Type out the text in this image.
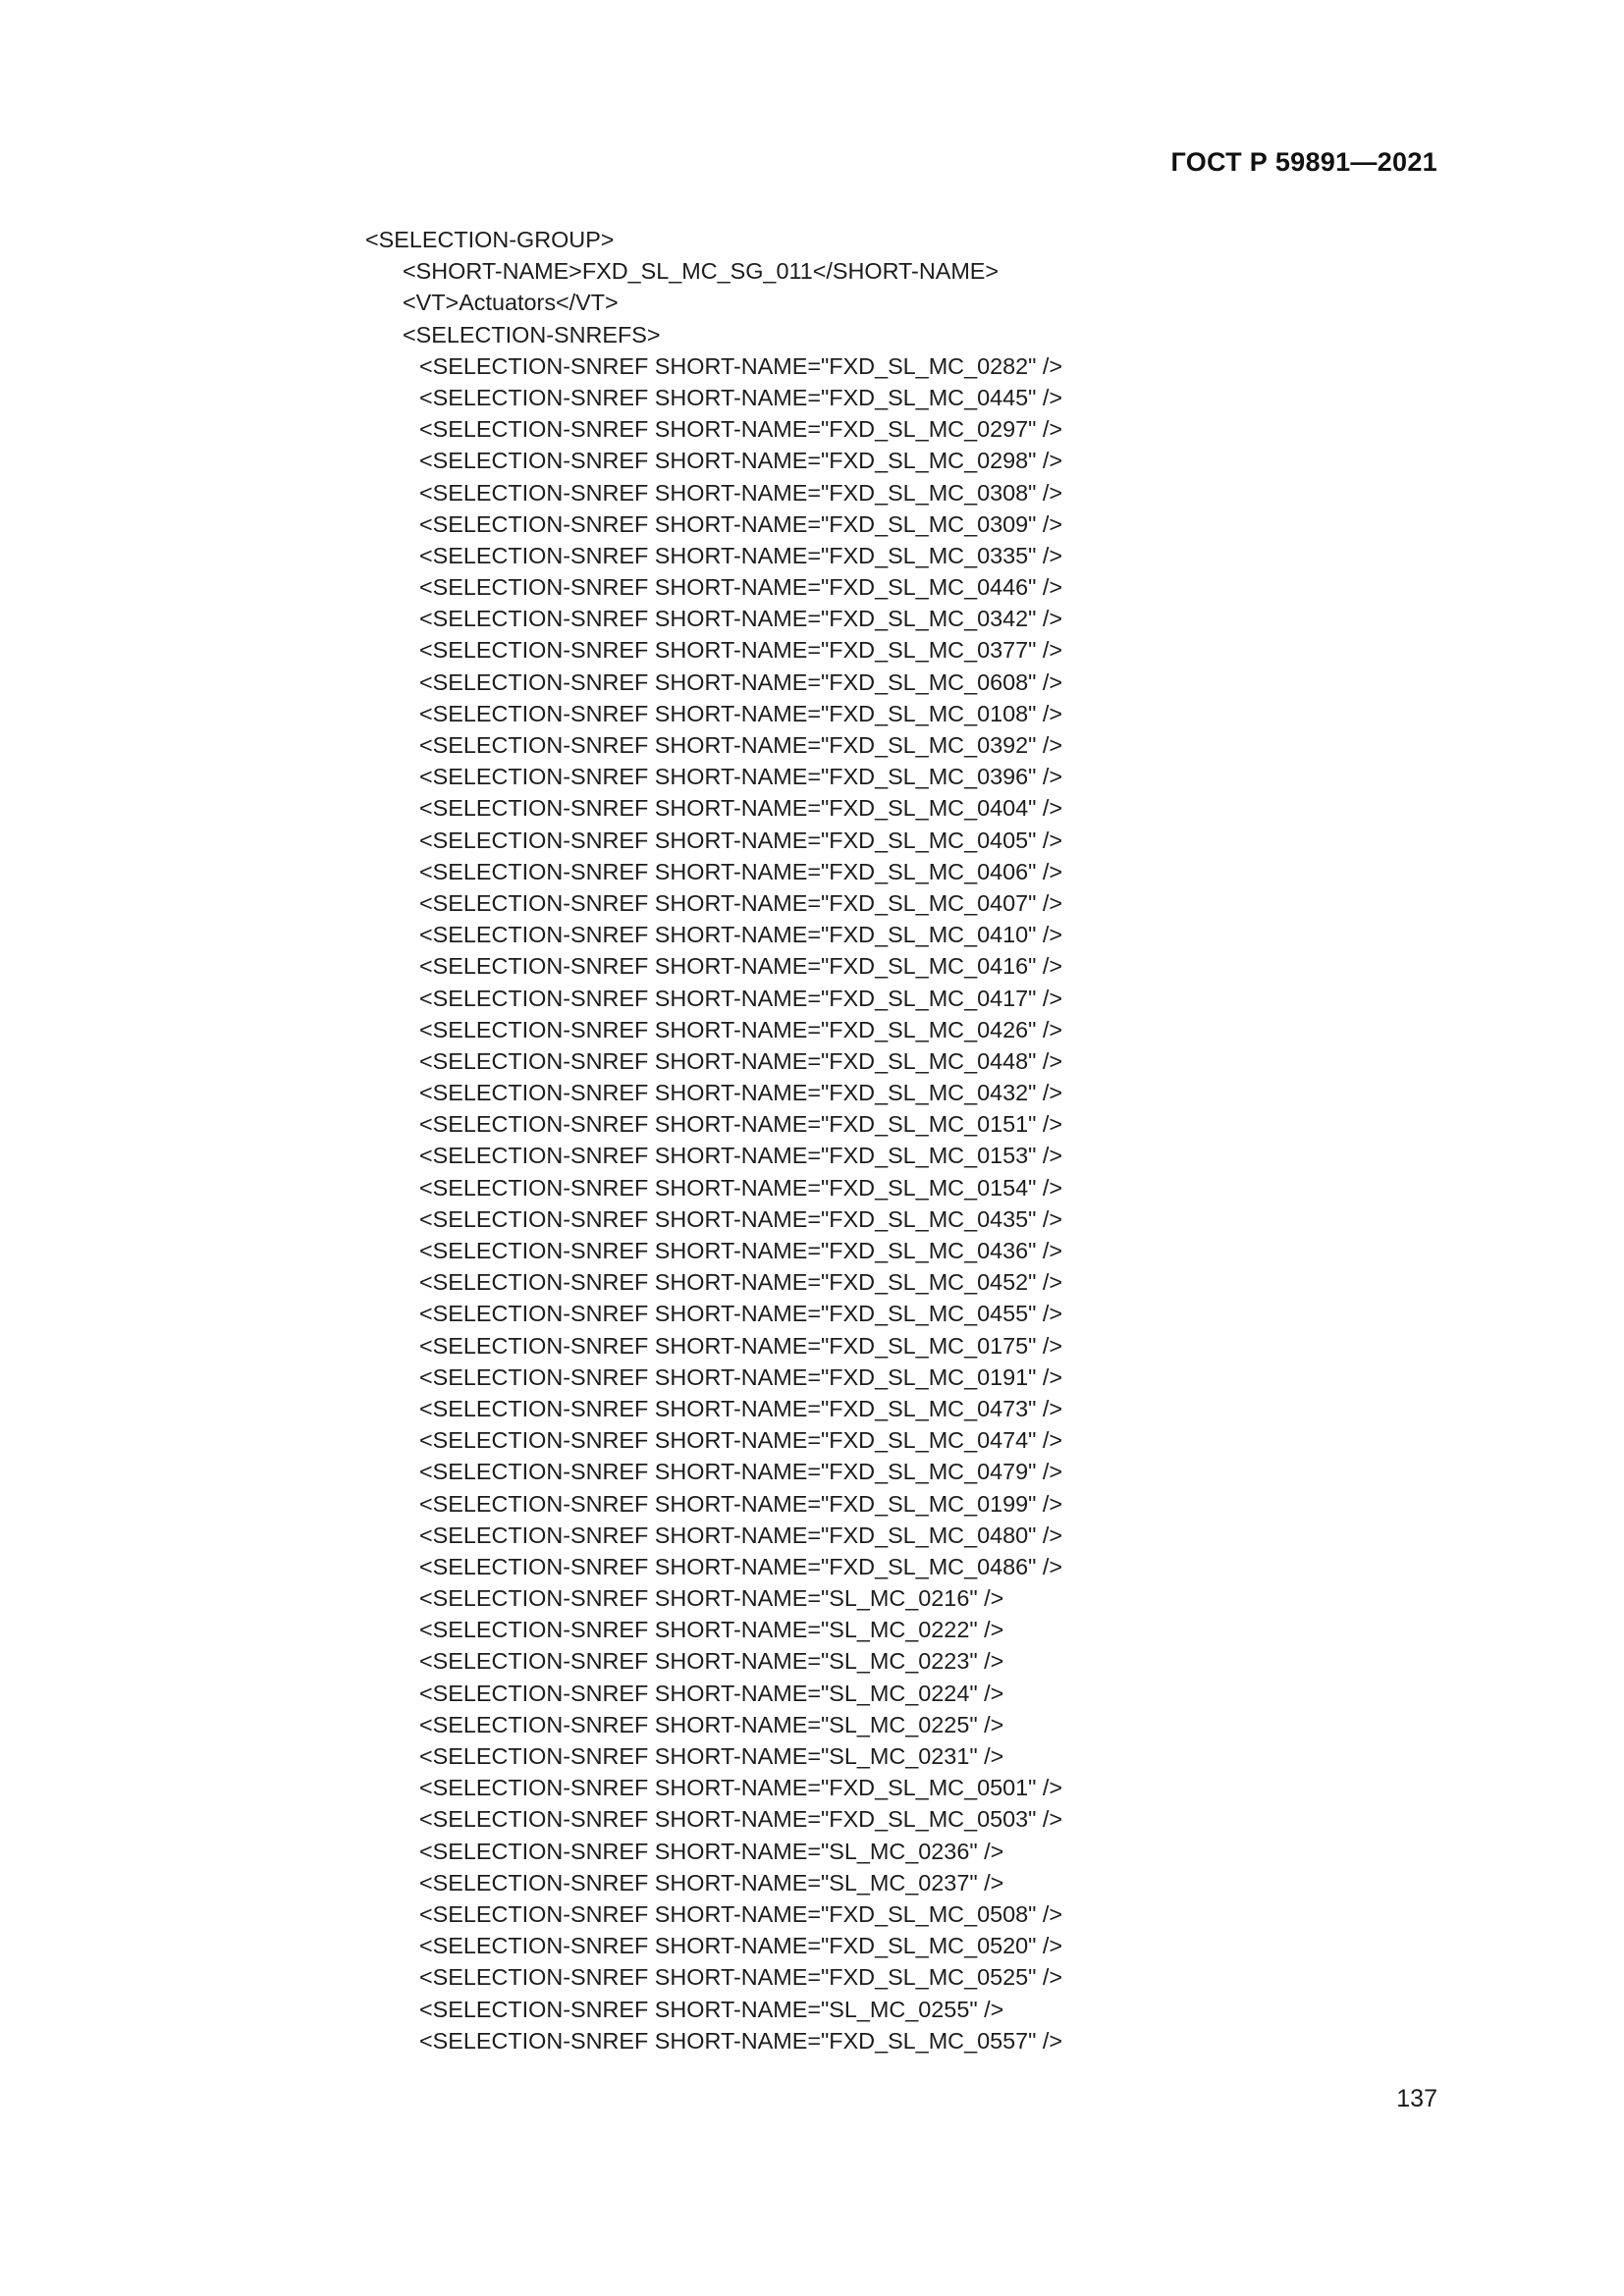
ГОСТ Р 59891—2021
<SELECTION-GROUP>
<SHORT-NAME>FXD_SL_MC_SG_011</SHORT-NAME>
<VT>Actuators</VT>
<SELECTION-SNREFS>
<SELECTION-SNREF SHORT-NAME="FXD_SL_MC_0282" />
<SELECTION-SNREF SHORT-NAME="FXD_SL_MC_0445" />
<SELECTION-SNREF SHORT-NAME="FXD_SL_MC_0297" />
<SELECTION-SNREF SHORT-NAME="FXD_SL_MC_0298" />
<SELECTION-SNREF SHORT-NAME="FXD_SL_MC_0308" />
<SELECTION-SNREF SHORT-NAME="FXD_SL_MC_0309" />
<SELECTION-SNREF SHORT-NAME="FXD_SL_MC_0335" />
<SELECTION-SNREF SHORT-NAME="FXD_SL_MC_0446" />
<SELECTION-SNREF SHORT-NAME="FXD_SL_MC_0342" />
<SELECTION-SNREF SHORT-NAME="FXD_SL_MC_0377" />
<SELECTION-SNREF SHORT-NAME="FXD_SL_MC_0608" />
<SELECTION-SNREF SHORT-NAME="FXD_SL_MC_0108" />
<SELECTION-SNREF SHORT-NAME="FXD_SL_MC_0392" />
<SELECTION-SNREF SHORT-NAME="FXD_SL_MC_0396" />
<SELECTION-SNREF SHORT-NAME="FXD_SL_MC_0404" />
<SELECTION-SNREF SHORT-NAME="FXD_SL_MC_0405" />
<SELECTION-SNREF SHORT-NAME="FXD_SL_MC_0406" />
<SELECTION-SNREF SHORT-NAME="FXD_SL_MC_0407" />
<SELECTION-SNREF SHORT-NAME="FXD_SL_MC_0410" />
<SELECTION-SNREF SHORT-NAME="FXD_SL_MC_0416" />
<SELECTION-SNREF SHORT-NAME="FXD_SL_MC_0417" />
<SELECTION-SNREF SHORT-NAME="FXD_SL_MC_0426" />
<SELECTION-SNREF SHORT-NAME="FXD_SL_MC_0448" />
<SELECTION-SNREF SHORT-NAME="FXD_SL_MC_0432" />
<SELECTION-SNREF SHORT-NAME="FXD_SL_MC_0151" />
<SELECTION-SNREF SHORT-NAME="FXD_SL_MC_0153" />
<SELECTION-SNREF SHORT-NAME="FXD_SL_MC_0154" />
<SELECTION-SNREF SHORT-NAME="FXD_SL_MC_0435" />
<SELECTION-SNREF SHORT-NAME="FXD_SL_MC_0436" />
<SELECTION-SNREF SHORT-NAME="FXD_SL_MC_0452" />
<SELECTION-SNREF SHORT-NAME="FXD_SL_MC_0455" />
<SELECTION-SNREF SHORT-NAME="FXD_SL_MC_0175" />
<SELECTION-SNREF SHORT-NAME="FXD_SL_MC_0191" />
<SELECTION-SNREF SHORT-NAME="FXD_SL_MC_0473" />
<SELECTION-SNREF SHORT-NAME="FXD_SL_MC_0474" />
<SELECTION-SNREF SHORT-NAME="FXD_SL_MC_0479" />
<SELECTION-SNREF SHORT-NAME="FXD_SL_MC_0199" />
<SELECTION-SNREF SHORT-NAME="FXD_SL_MC_0480" />
<SELECTION-SNREF SHORT-NAME="FXD_SL_MC_0486" />
<SELECTION-SNREF SHORT-NAME="SL_MC_0216" />
<SELECTION-SNREF SHORT-NAME="SL_MC_0222" />
<SELECTION-SNREF SHORT-NAME="SL_MC_0223" />
<SELECTION-SNREF SHORT-NAME="SL_MC_0224" />
<SELECTION-SNREF SHORT-NAME="SL_MC_0225" />
<SELECTION-SNREF SHORT-NAME="SL_MC_0231" />
<SELECTION-SNREF SHORT-NAME="FXD_SL_MC_0501" />
<SELECTION-SNREF SHORT-NAME="FXD_SL_MC_0503" />
<SELECTION-SNREF SHORT-NAME="SL_MC_0236" />
<SELECTION-SNREF SHORT-NAME="SL_MC_0237" />
<SELECTION-SNREF SHORT-NAME="FXD_SL_MC_0508" />
<SELECTION-SNREF SHORT-NAME="FXD_SL_MC_0520" />
<SELECTION-SNREF SHORT-NAME="FXD_SL_MC_0525" />
<SELECTION-SNREF SHORT-NAME="SL_MC_0255" />
<SELECTION-SNREF SHORT-NAME="FXD_SL_MC_0557" />
137
